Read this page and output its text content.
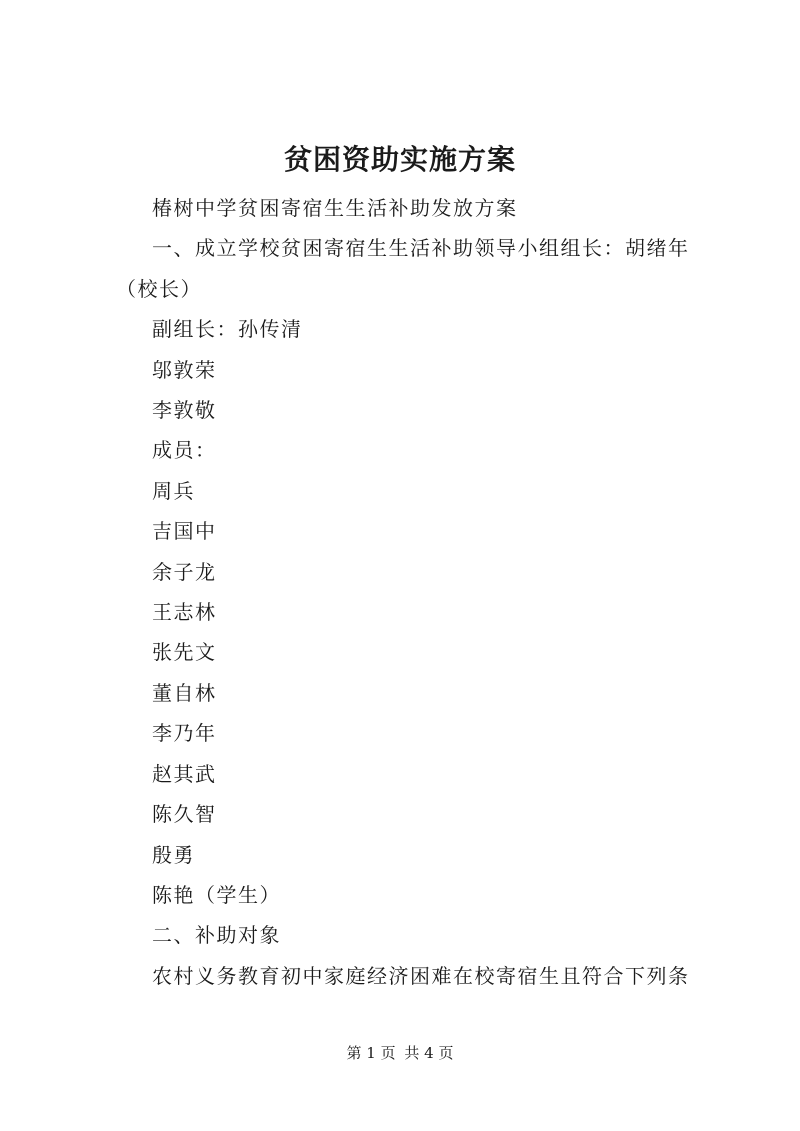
贫困资助实施方案

椿树中学贫困寄宿生生活补助发放方案

一、成立学校贫困寄宿生生活补助领导小组组长：胡绪年（校长）

副组长：孙传清

邬敦荣

李敦敬

成员：

周兵

吉国中

余子龙

王志林

张先文

董自林

李乃年

赵其武

陈久智

殷勇

陈艳（学生）

二、补助对象

农村义务教育初中家庭经济困难在校寄宿生且符合下列条

第 1 页 共 4 页
